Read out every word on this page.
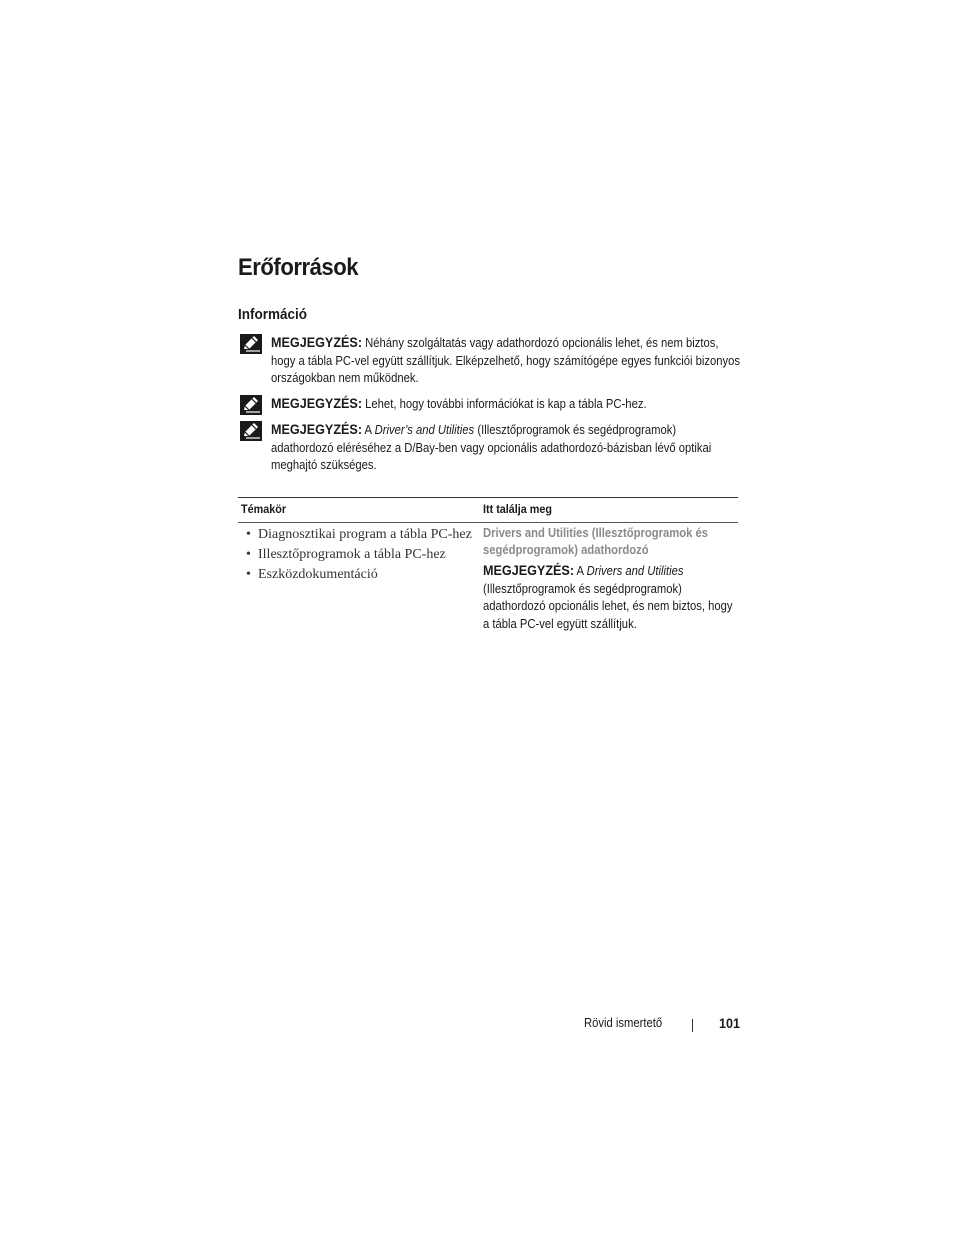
Erőforrások
Információ
MEGJEGYZÉS: Néhány szolgáltatás vagy adathordozó opcionális lehet, és nem biztos, hogy a tábla PC-vel együtt szállítjuk. Elképzelhető, hogy számítógépe egyes funkciói bizonyos országokban nem működnek.
MEGJEGYZÉS: Lehet, hogy további információkat is kap a tábla PC-hez.
MEGJEGYZÉS: A Driver’s and Utilities (Illesztőprogramok és segédprogramok) adathordozó eléréséhez a D/Bay-ben vagy opcionális adathordozó-bázisban lévő optikai meghajtó szükséges.
Témakör	Itt találja meg
• Diagnosztikai program a tábla PC-hez
• Illesztőprogramok a tábla PC-hez
• Eszközdokumentáció
Drivers and Utilities (Illesztőprogramok és segédprogramok) adathordozó
MEGJEGYZÉS: A Drivers and Utilities (Illesztőprogramok és segédprogramok) adathordozó opcionális lehet, és nem biztos, hogy a tábla PC-vel együtt szállítjuk.
Rövid ismertető	101
